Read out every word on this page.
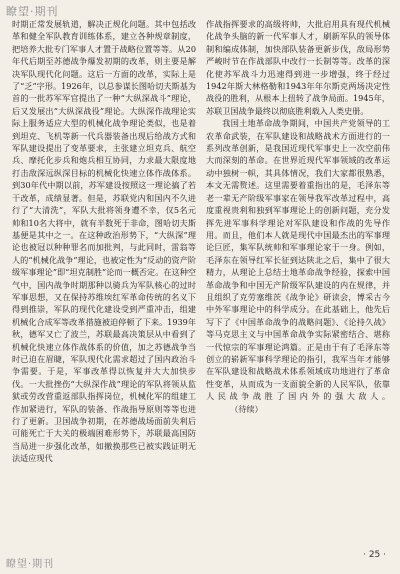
瞭望·期刊

时期正常发展轨道，解决正规化问题。其中包括改革和健全军队教育训练体系，建立各种规章制度，把培养大批专门军事人才置于战略位置等等。从20年代后期至苏德战争爆发初期的改革，则主要是解决军队现代化问题。这后一方面的改革，实际上是了“乏”字形。1926年，以总参谋长图哈切夫斯基为首的一批苏军军官提出了一种“大纵深战斗”理论，后又发展出“大纵深战役”理论。大纵深作战理论实际上服务适应大型的机械化战争理论类似，也是着到坦克、飞机等新一代兵器装备出现后给战方式和军队建设提出了变革要求，主张建立坦克兵、航空兵、摩托化步兵和炮兵相互协同，力求最大限度地打击敌深远纵深目标的机械化快速立体作战体系。到30年代中期以前，苏军建设按照这一理论搞了若干改革，成绩显著。但是，苏联党内和国内不久进行了“大清洗”，军队大批将领身遭不幸，仅5名元帅和10名大将中，就有半数死于非命，图哈切夫斯基便是其中之一。在这种政治形势下，“大纵深”理论也被冠以种种罪名而加批判，与此同时，雷翁等人的“机械化战争”理论，也被定性为“反动的资产阶级军事理论”即“坦克制胜”论而一概否定。在这种空气中，国内战争时期那种以骑兵为军队核心的过时军事思想，又在保持苏维埃红军革命传统的名义下得到推崇，军队的现代化建设受到严重冲击，组建机械化合成军等改革措施被迫停顿了下来。1939年秋，德军又亡了波兰，苏联最高决策层从中看到了机械化快速立体作战体系的价值，加之苏德战争当时已迫在眉睫，军队现代化需求超过了国内政治斗争需要。于是，军事改革得以恢复并大大加快步伐。一大批挫伤“大纵深作战”理论的军队将领从监狱或劳改营重返部队指挥岗位，机械化军的组建工作加紧进行，军队的装备、作战指导原则等等也进行了更新。卫国战争初期，在苏德战场面前失利后可能死亡于大关的极端困难形势下，苏联最高国防当局进一步强化改革，如撤换那些已被实践证明无法适应现代

作战指挥要求的高级将帅，大批启用具有现代机械化战争头脑的新一代军事人才，刷新军队的领导体制和编成体制，加快部队装备更新步伐，敌局形势严峻时节在作战部队中改行一长制等等。改革的深化使苏军战斗力迅速得到进一步增强，终于经过1942年斯大林格勒和1943年年尔斯克两场决定性战役的胜利，从根本上扭转了战争局面。1945年，苏联卫国战争最终以彻底胜利载入人类史册。

我国土地革命战争期间，中国共产党领导的工农革命武装，在军队建设和战略战术方面进行的一系列改革创新，是我国近现代军事史上一次空前伟大而深刻的革命。在世界近现代军事领域的改革运动中独树一帜，其具体情况，我们大家都很熟悉，本文无需赘述。这里需要着重指出的是，毛泽东等老一辈无产阶级军事家在领导我军改革过程中，高度重视贵利和独到军事理论上的创新问题，充分发挥先进军事科学理论对军队建设和作战的先导作用。而且，他们本人就是现代中国最杰出的军事理论巨匠，集军队统帅和军事理论家于一身。例如，毛泽东在领导红军长征到达陕北之后，集中了很大精力，从理论上总结土地革命战争经验，探索中国革命战争和中国无产阶级军队建设的内在规律，并且组织了克劳塞维茨《战争论》研读会，博采古今中外军事理论中的科学成分。在此基础上，他先后写下了《中国革命战争的战略问题》、《论持久战》等马克思主义与中国革命战争实际紧密结合、堪称一代惊宗的军事理论鸿篇。正是由于有了毛泽东等创立的崭新军事科学理论的指引，我军当年才能够在军队建设和战略战术体系领域成功地进行了革命性变革，从而成为一支面貌全新的人民军队，依靠人民战争战胜了国内外的强大敌人。（待续）

瞭望·期刊
· 25 ·
